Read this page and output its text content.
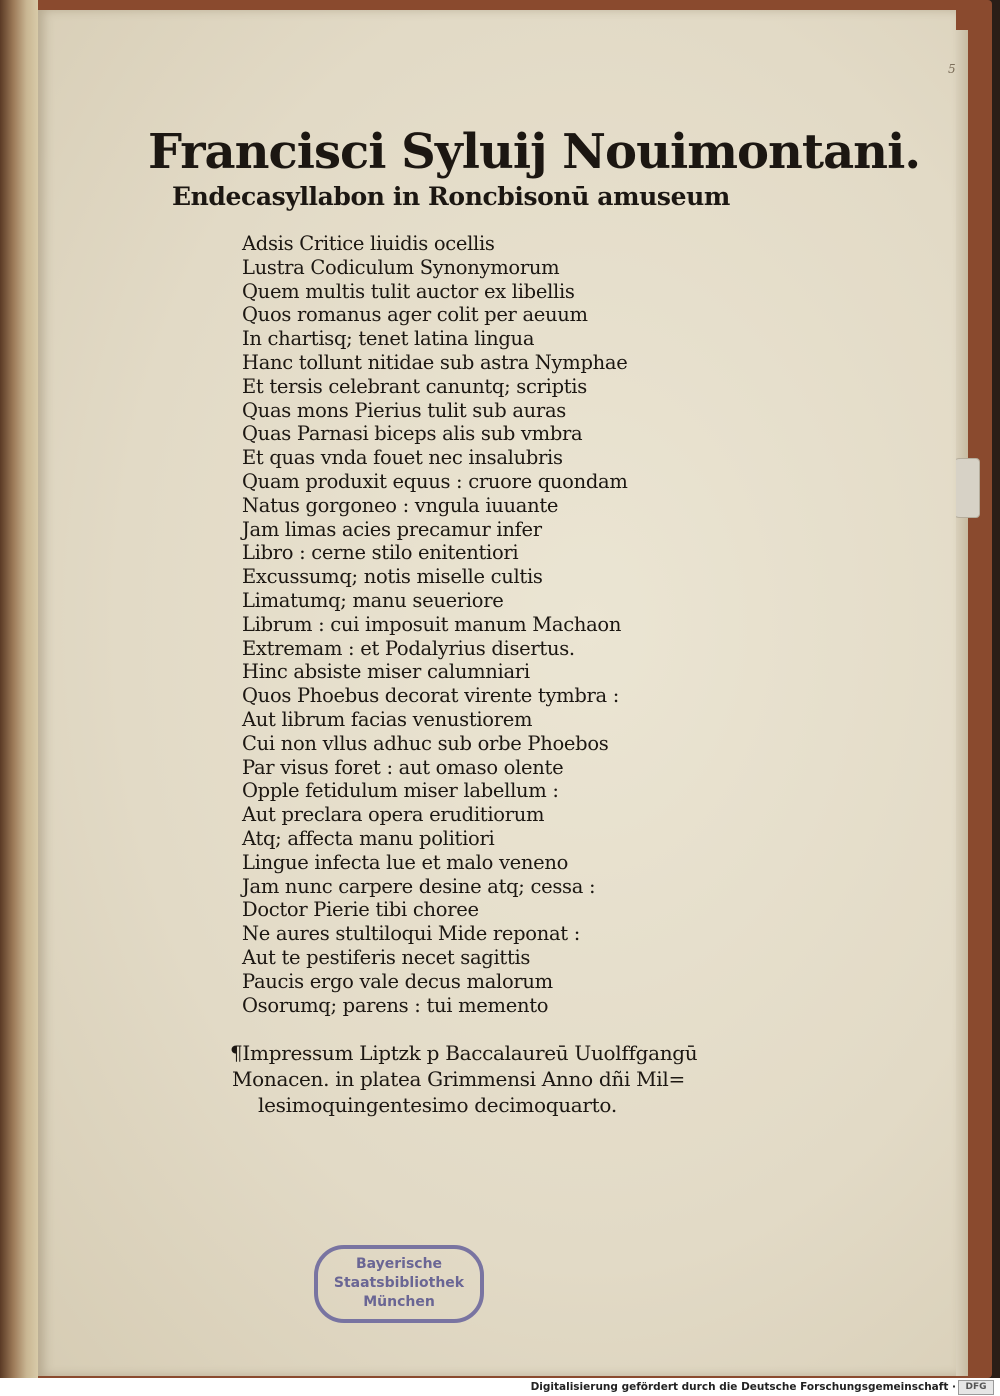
5
Francisci Syluij Nouimontani.
Endecasyllabon in Roncbisonū amuseum
Adsis Critice liuidis ocellis
Lustra Codiculum Synonymorum
Quem multis tulit auctor ex libellis
Quos romanus ager colit per aeuum
In chartisq; tenet latina lingua
Hanc tollunt nitidae sub astra Nymphae
Et tersis celebrant canuntq; scriptis
Quas mons Pierius tulit sub auras
Quas Parnasi biceps alis sub vmbra
Et quas vnda fouet nec insalubris
Quam produxit equus : cruore quondam
Natus gorgoneo : vngula iuuante
Jam limas acies precamur infer
Libro : cerne stilo enitentiori
Excussumq; notis miselle cultis
Limatumq; manu seueriore
Librum : cui imposuit manum Machaon
Extremam : et Podalyrius disertus.
Hinc absiste miser calumniari
Quos Phoebus decorat virente tymbra :
Aut librum facias venustiorem
Cui non vllus adhuc sub orbe Phoebos
Par visus foret : aut omaso olente
Opple fetidulum miser labellum :
Aut preclara opera eruditiorum
Atq; affecta manu politiori
Lingue infecta lue et malo veneno
Jam nunc carpere desine atq; cessa :
Doctor Pierie tibi choree
Ne aures stultiloqui Mide reponat :
Aut te pestiferis necet sagittis
Paucis ergo vale decus malorum
Osorumq; parens : tui memento
¶Impressum Liptzk p Baccalaureū Uuolffgangū
Monacen. in platea Grimmensi Anno dñi Mil=
lesimoquingentesimo decimoquarto.
Bayerische
Staatsbibliothek
München
Digitalisierung gefördert durch die Deutsche Forschungsgemeinschaft ·	DFG
